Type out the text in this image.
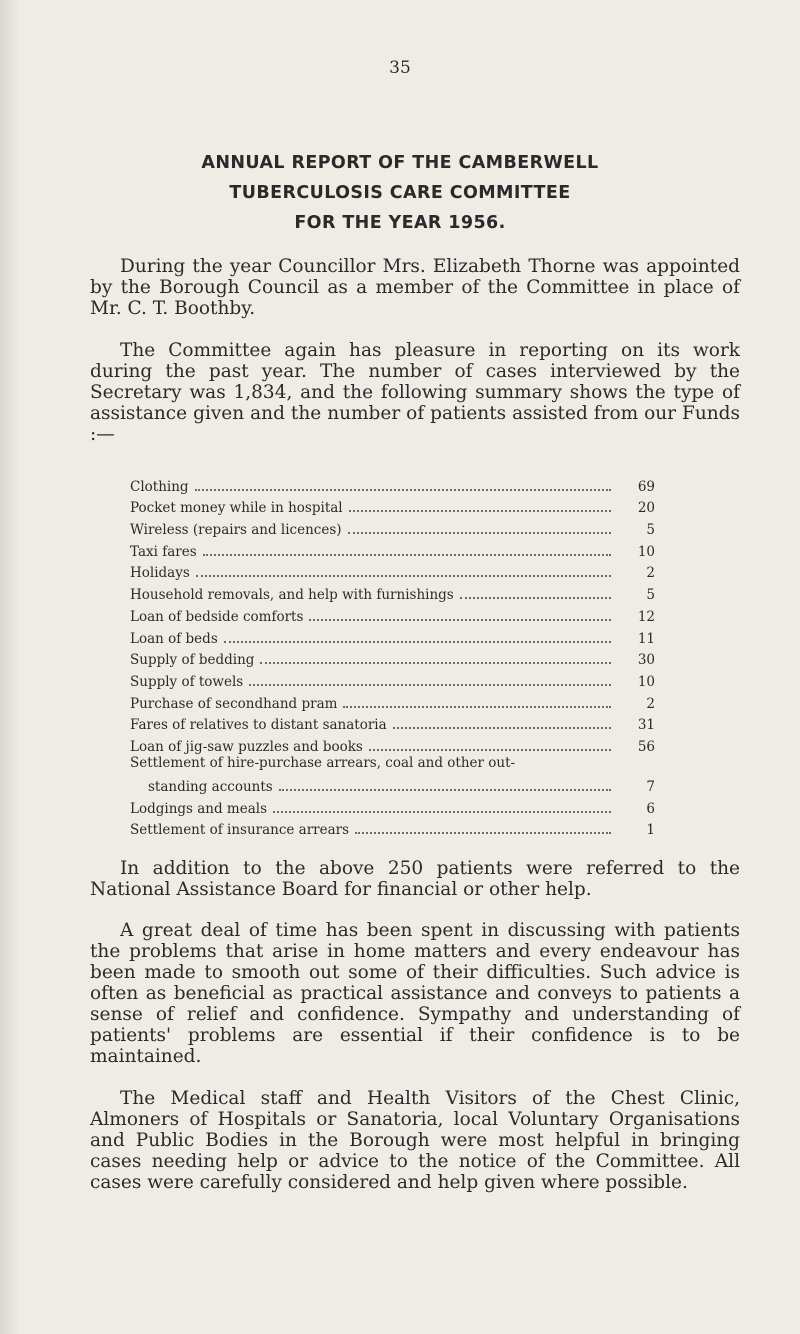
35
ANNUAL REPORT OF THE CAMBERWELL
TUBERCULOSIS CARE COMMITTEE
FOR THE YEAR 1956.

During the year Councillor Mrs. Elizabeth Thorne was appointed by the Borough Council as a member of the Committee in place of Mr. C. T. Boothby.

The Committee again has pleasure in reporting on its work during the past year. The number of cases interviewed by the Secretary was 1,834, and the following summary shows the type of assistance given and the number of patients assisted from our Funds :—

Clothing	69
Pocket money while in hospital	20
Wireless (repairs and licences)	5
Taxi fares	10
Holidays	2
Household removals, and help with furnishings	5
Loan of bedside comforts	12
Loan of beds	11
Supply of bedding	30
Supply of towels	10
Purchase of secondhand pram	2
Fares of relatives to distant sanatoria	31
Loan of jig-saw puzzles and books	56
Settlement of hire-purchase arrears, coal and other out-
standing accounts	7
Lodgings and meals	6
Settlement of insurance arrears	1

In addition to the above 250 patients were referred to the National Assistance Board for financial or other help.

A great deal of time has been spent in discussing with patients the problems that arise in home matters and every endeavour has been made to smooth out some of their difficulties. Such advice is often as beneficial as practical assistance and conveys to patients a sense of relief and confidence. Sympathy and understanding of patients' problems are essential if their confidence is to be maintained.

The Medical staff and Health Visitors of the Chest Clinic, Almoners of Hospitals or Sanatoria, local Voluntary Organisations and Public Bodies in the Borough were most helpful in bringing cases needing help or advice to the notice of the Committee. All cases were carefully considered and help given where possible.
